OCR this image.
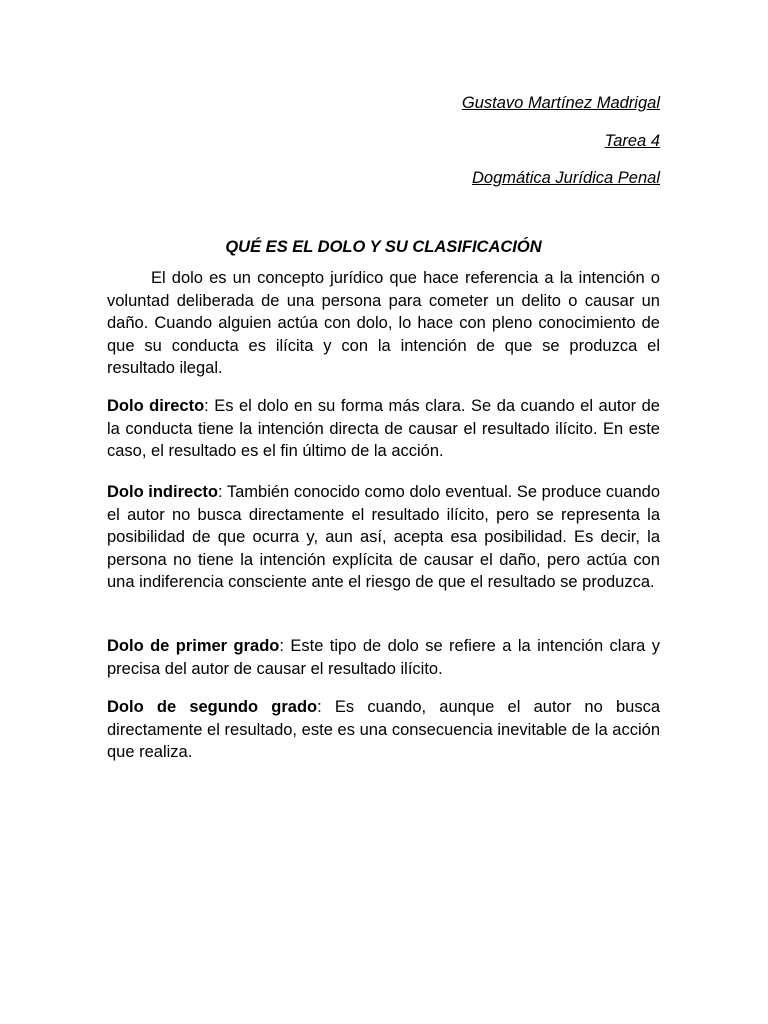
Gustavo Martínez Madrigal

Tarea 4

Dogmática Jurídica Penal

QUÉ ES EL DOLO Y SU CLASIFICACIÓN

El dolo es un concepto jurídico que hace referencia a la intención o voluntad deliberada de una persona para cometer un delito o causar un daño. Cuando alguien actúa con dolo, lo hace con pleno conocimiento de que su conducta es ilícita y con la intención de que se produzca el resultado ilegal.

Dolo directo: Es el dolo en su forma más clara. Se da cuando el autor de la conducta tiene la intención directa de causar el resultado ilícito. En este caso, el resultado es el fin último de la acción.

Dolo indirecto: También conocido como dolo eventual. Se produce cuando el autor no busca directamente el resultado ilícito, pero se representa la posibilidad de que ocurra y, aun así, acepta esa posibilidad. Es decir, la persona no tiene la intención explícita de causar el daño, pero actúa con una indiferencia consciente ante el riesgo de que el resultado se produzca.

Dolo de primer grado: Este tipo de dolo se refiere a la intención clara y precisa del autor de causar el resultado ilícito.

Dolo de segundo grado: Es cuando, aunque el autor no busca directamente el resultado, este es una consecuencia inevitable de la acción que realiza.
